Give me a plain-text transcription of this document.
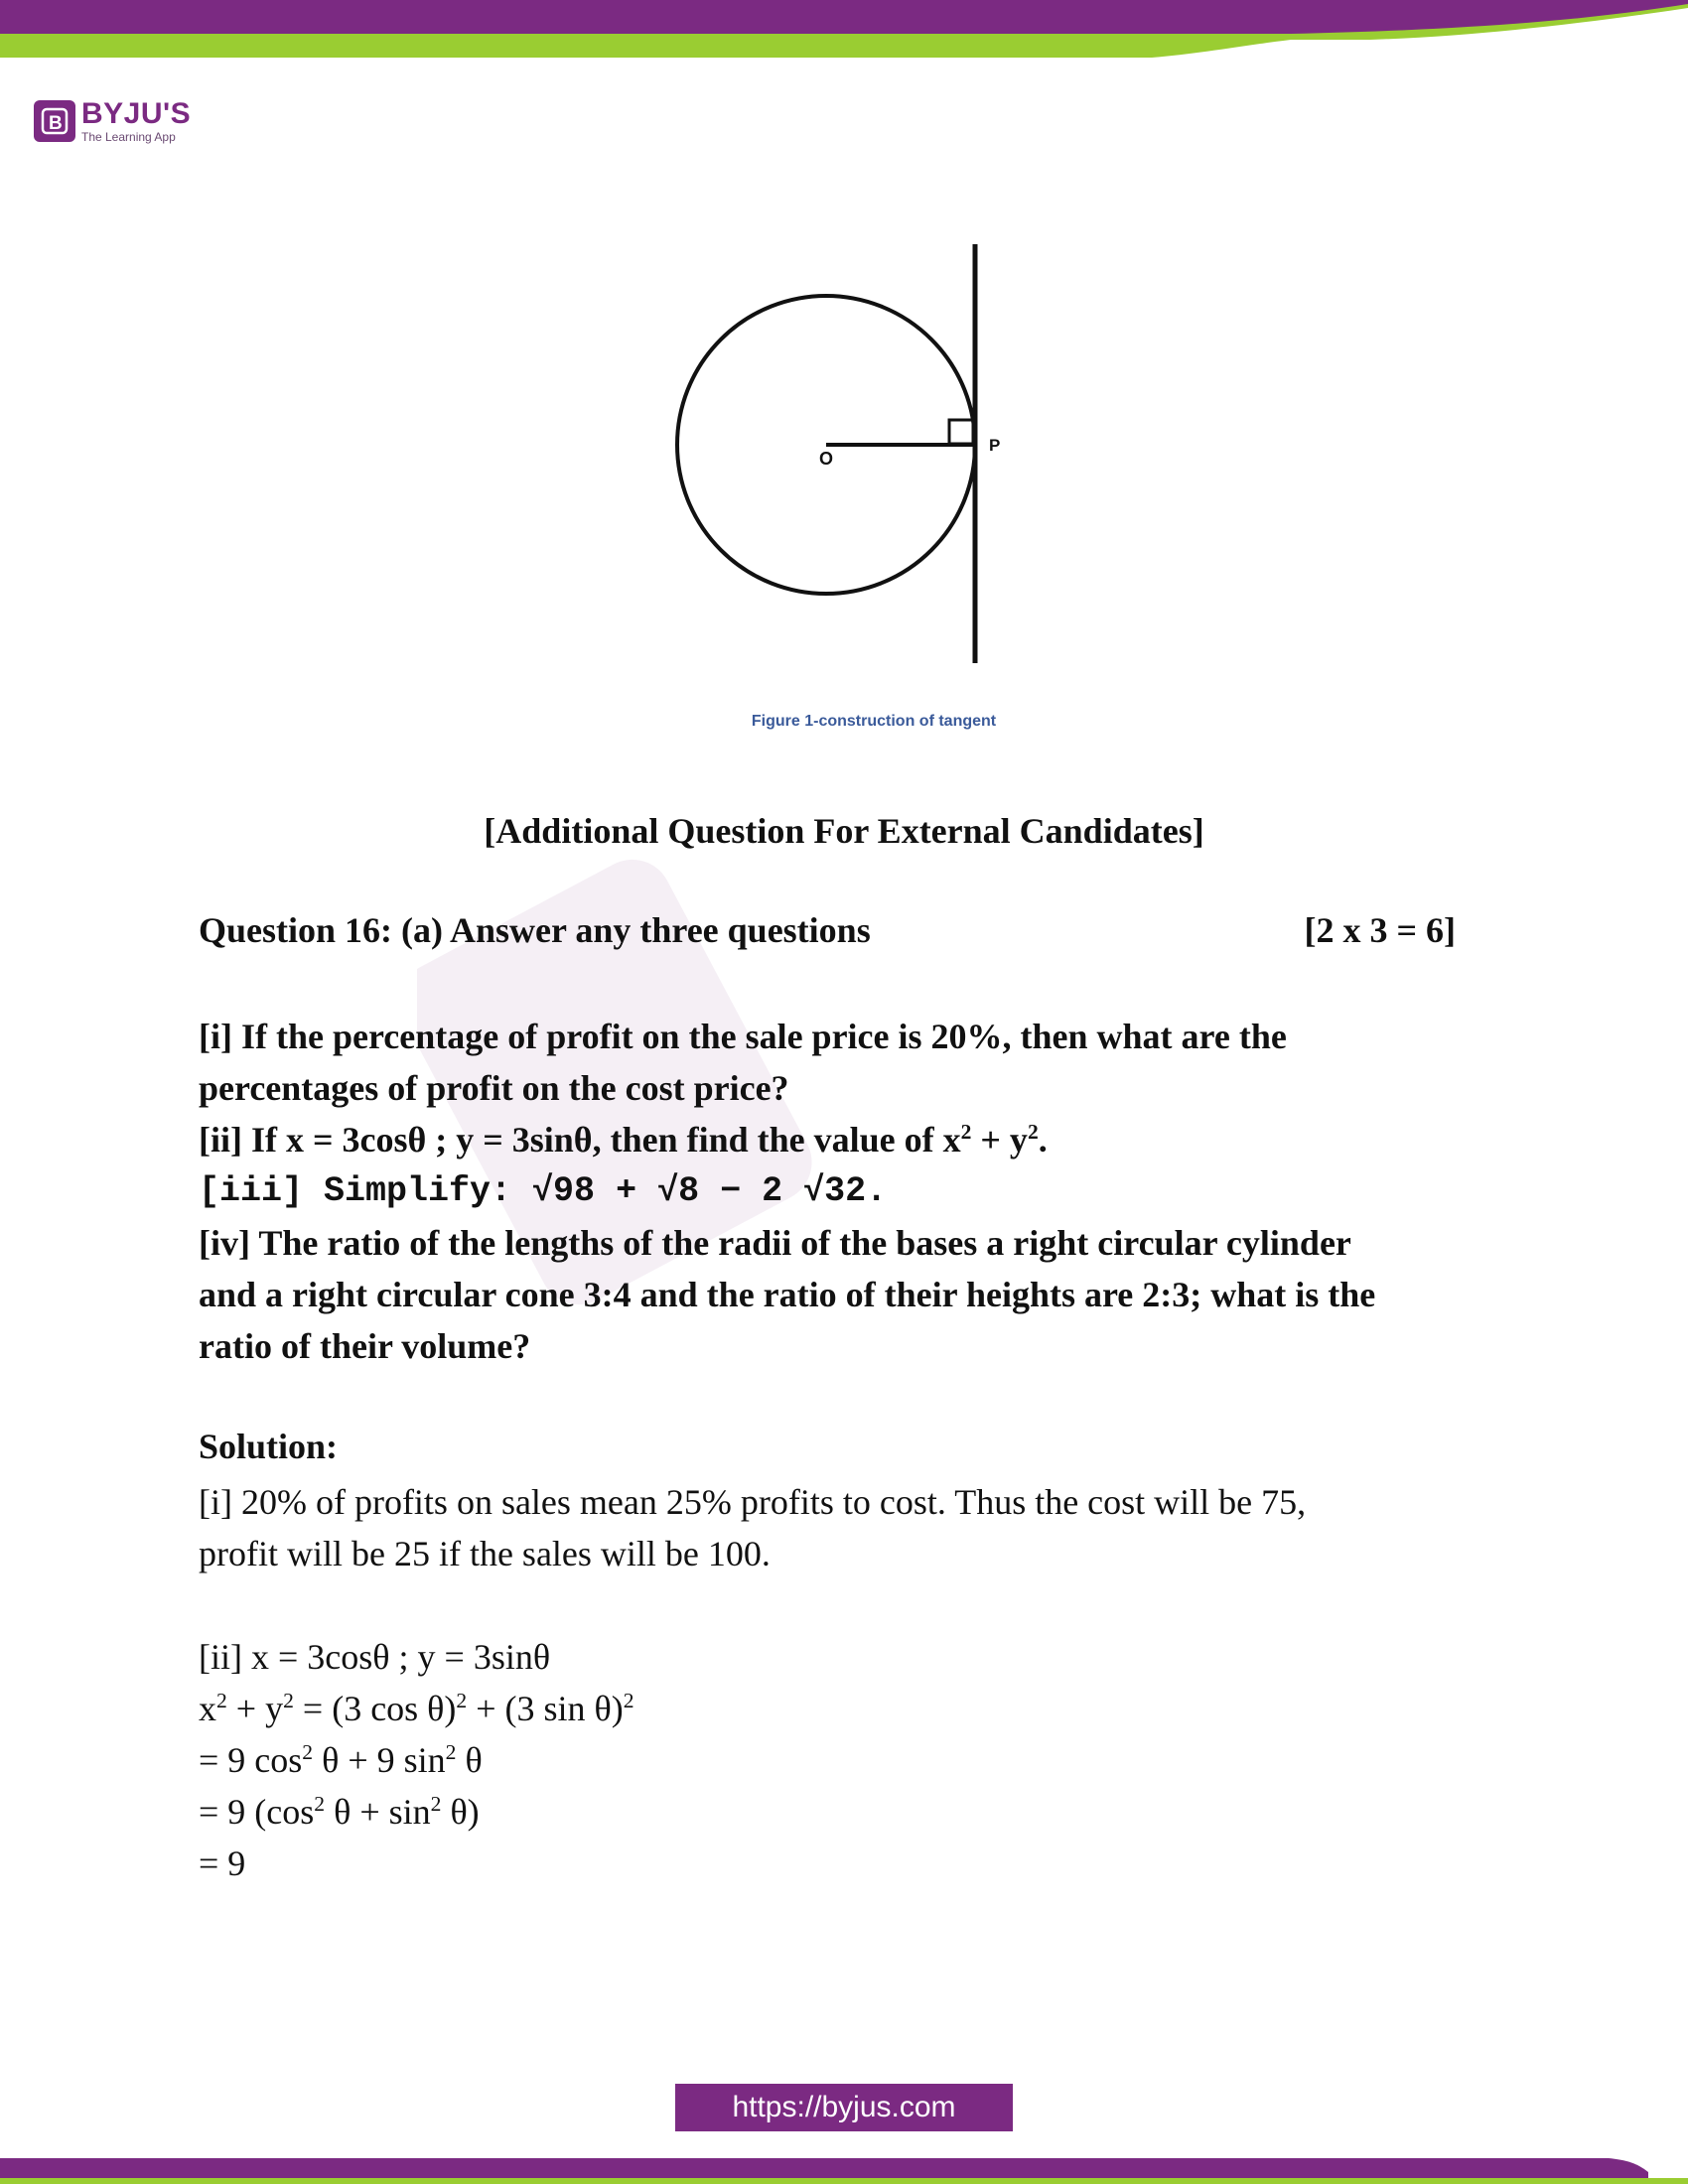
B BYJU'S
The Learning App
O
P
Figure 1-construction of tangent
[Additional Question For External Candidates]
Question 16: (a) Answer any three questions	[2 x 3 = 6]
[i] If the percentage of profit on the sale price is 20%, then what are the
percentages of profit on the cost price?
[ii] If x = 3cosθ ; y = 3sinθ, then find the value of $x^2 + y^2$.
[iii] Simplify: √98 + √8 − 2 √32.
[iv] The ratio of the lengths of the radii of the bases a right circular cylinder
and a right circular cone 3:4 and the ratio of their heights are 2:3; what is the
ratio of their volume?
Solution:
[i] 20% of profits on sales mean 25% profits to cost. Thus the cost will be 75,
profit will be 25 if the sales will be 100.
[ii] x = 3cosθ ; y = 3sinθ
$x^2 + y^2 = (3$ cos θ)$^2$ + (3 sin θ)$^2$
= 9 $\cos^2 \theta + 9$ $\sin^2 \theta$
= 9 ($\cos^2$ $\theta + \sin^2 \theta$)
= 9
https://byjus.com
